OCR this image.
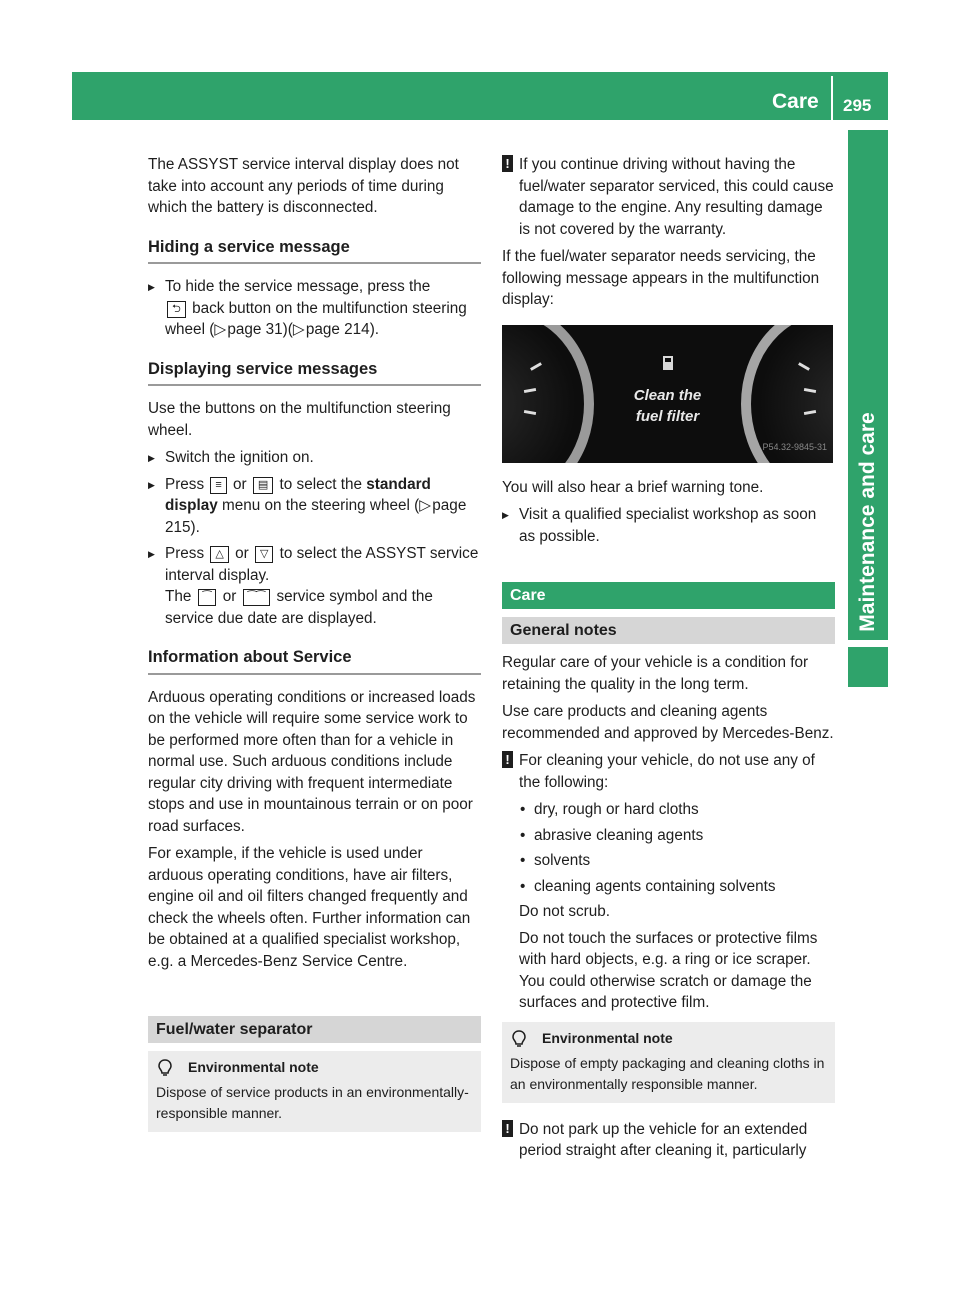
Care 295
Maintenance and care

The ASSYST service interval display does not take into account any periods of time during which the battery is disconnected.

Hiding a service message
▶ To hide the service message, press the
⮌ back button on the multifunction steering wheel (▷ page 31)(▷ page 214).
Displaying service messages

Use the buttons on the multifunction steering wheel.

▶ Switch the ignition on.
▶ Press ≡ or ▤ to select the standard display menu on the steering wheel (▷ page 215).
▶ Press △ or ▽ to select the ASSYST service interval display.
The ⁀ or ⁀⁀ service symbol and the service due date are displayed.
Information about Service

Arduous operating conditions or increased loads on the vehicle will require some service work to be performed more often than for a vehicle in normal use. Such arduous conditions include regular city driving with frequent intermediate stops and use in mountainous terrain or on poor road surfaces.

For example, if the vehicle is used under arduous operating conditions, have air filters, engine oil and oil filters changed frequently and check the wheels often. Further information can be obtained at a qualified specialist workshop, e.g. a Mercedes-Benz Service Centre.

Fuel/water separator
Environmental note
Dispose of service products in an environmentally-responsible manner.
! If you continue driving without having the fuel/water separator serviced, this could cause damage to the engine. Any resulting damage is not covered by the warranty.

If the fuel/water separator needs servicing, the following message appears in the multifunction display:

Clean the
fuel filter
P54.32-9845-31

You will also hear a brief warning tone.

▶ Visit a qualified specialist workshop as soon as possible.
Care
General notes

Regular care of your vehicle is a condition for retaining the quality in the long term.

Use care products and cleaning agents recommended and approved by Mercedes-Benz.

! For cleaning your vehicle, do not use any of the following:
• dry, rough or hard cloths
• abrasive cleaning agents
• solvents
• cleaning agents containing solvents
Do not scrub.
Do not touch the surfaces or protective films with hard objects, e.g. a ring or ice scraper. You could otherwise scratch or damage the surfaces and protective film.
Environmental note
Dispose of empty packaging and cleaning cloths in an environmentally responsible manner.
! Do not park up the vehicle for an extended period straight after cleaning it, particularly
